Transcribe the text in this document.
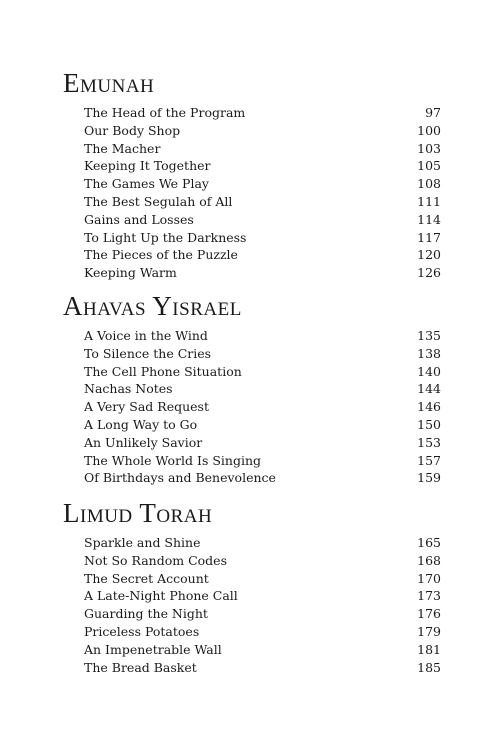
Emunah
The Head of the Program	97
Our Body Shop	100
The Macher	103
Keeping It Together	105
The Games We Play	108
The Best Segulah of All	111
Gains and Losses	114
To Light Up the Darkness	117
The Pieces of the Puzzle	120
Keeping Warm	126
Ahavas Yisrael
A Voice in the Wind	135
To Silence the Cries	138
The Cell Phone Situation	140
Nachas Notes	144
A Very Sad Request	146
A Long Way to Go	150
An Unlikely Savior	153
The Whole World Is Singing	157
Of Birthdays and Benevolence	159
Limud Torah
Sparkle and Shine	165
Not So Random Codes	168
The Secret Account	170
A Late-Night Phone Call	173
Guarding the Night	176
Priceless Potatoes	179
An Impenetrable Wall	181
The Bread Basket	185
